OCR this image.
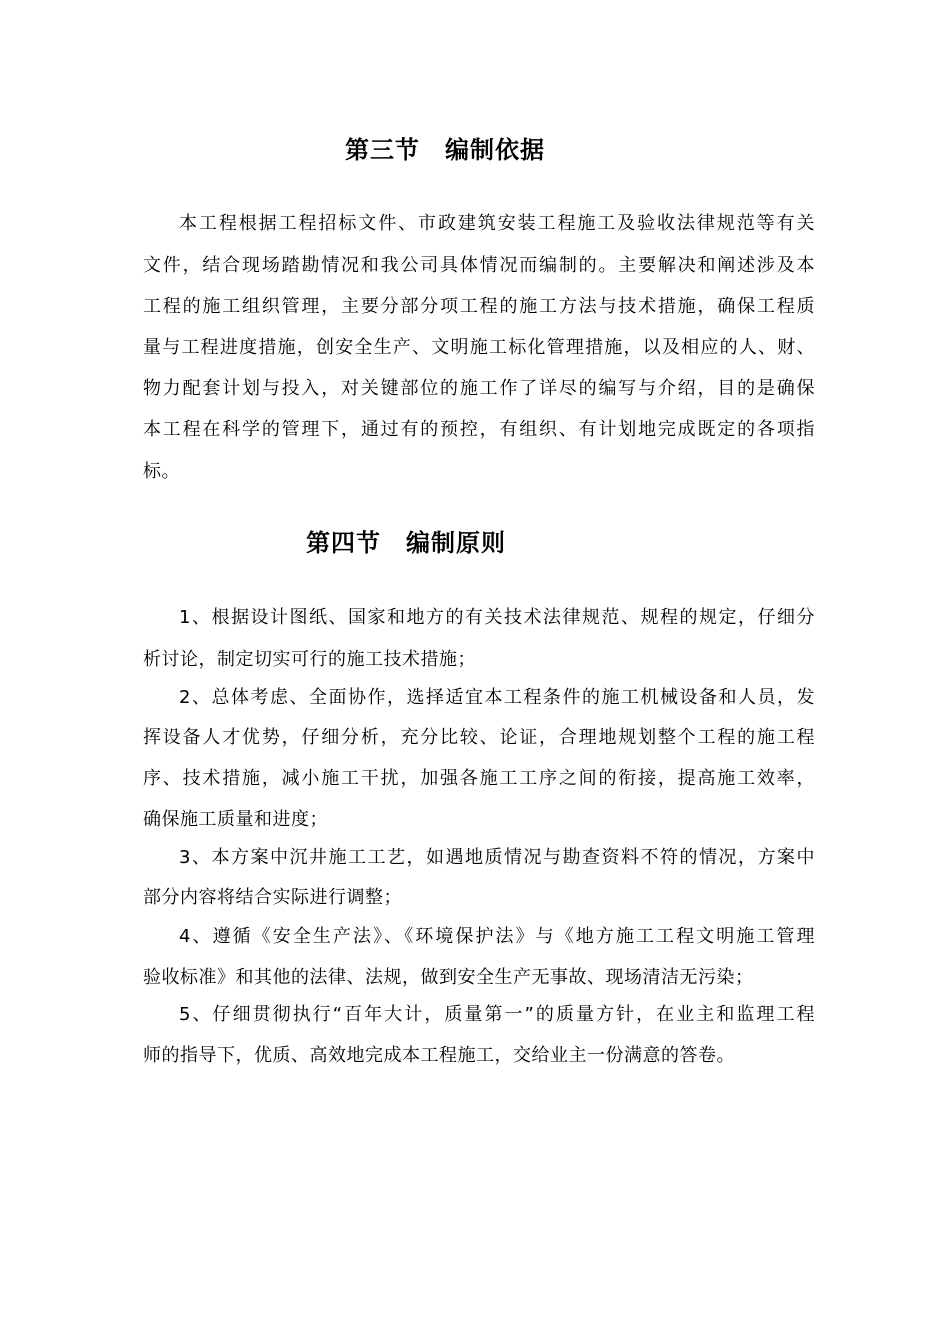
第三节　编制依据
本工程根据工程招标文件、市政建筑安装工程施工及验收法律规范等有关
文件，结合现场踏勘情况和我公司具体情况而编制的。主要解决和阐述涉及本
工程的施工组织管理，主要分部分项工程的施工方法与技术措施，确保工程质
量与工程进度措施，创安全生产、文明施工标化管理措施，以及相应的人、财、
物力配套计划与投入，对关键部位的施工作了详尽的编写与介绍，目的是确保
本工程在科学的管理下，通过有的预控，有组织、有计划地完成既定的各项指
标。
第四节　编制原则
1、根据设计图纸、国家和地方的有关技术法律规范、规程的规定，仔细分
析讨论，制定切实可行的施工技术措施；
2、总体考虑、全面协作，选择适宜本工程条件的施工机械设备和人员，发
挥设备人才优势，仔细分析，充分比较、论证，合理地规划整个工程的施工程
序、技术措施，减小施工干扰，加强各施工工序之间的衔接，提高施工效率，
确保施工质量和进度；
3、本方案中沉井施工工艺，如遇地质情况与勘查资料不符的情况，方案中
部分内容将结合实际进行调整；
4、遵循《安全生产法》、《环境保护法》与《地方施工工程文明施工管理
验收标准》和其他的法律、法规，做到安全生产无事故、现场清洁无污染；
5、仔细贯彻执行“百年大计，质量第一”的质量方针，在业主和监理工程
师的指导下，优质、高效地完成本工程施工，交给业主一份满意的答卷。
